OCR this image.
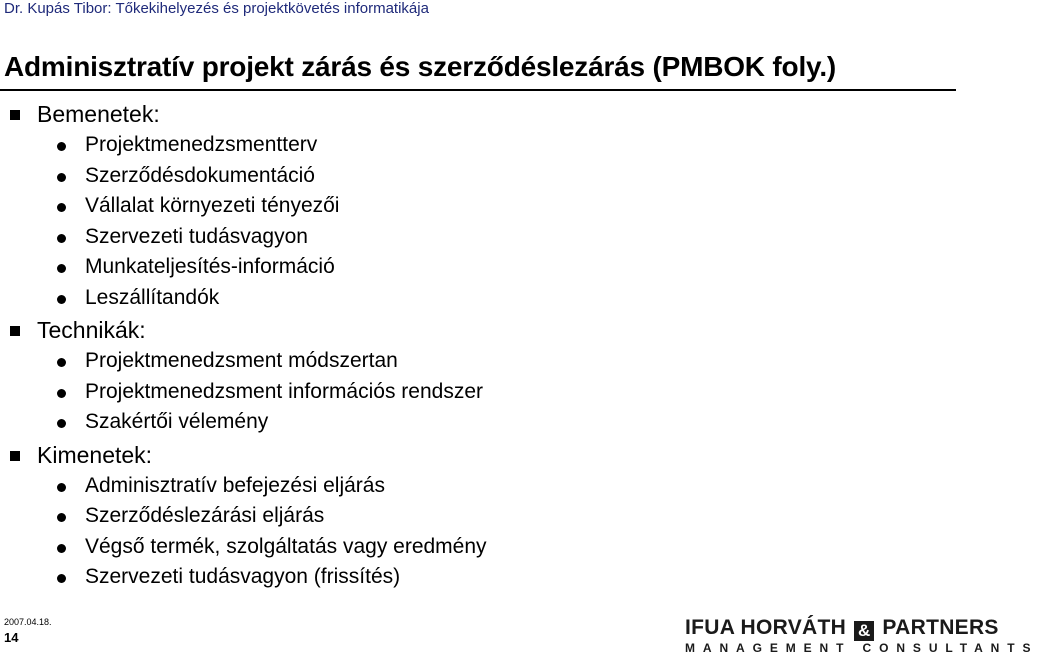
Dr. Kupás Tibor: Tőkekihelyezés és projektkövetés informatikája
Adminisztratív projekt zárás és szerződéslezárás (PMBOK foly.)
Bemenetek:
Projektmenedzsmentterv
Szerződésdokumentáció
Vállalat környezeti tényezői
Szervezeti tudásvagyon
Munkateljesítés-információ
Leszállítandók
Technikák:
Projektmenedzsment módszertan
Projektmenedzsment információs rendszer
Szakértői vélemény
Kimenetek:
Adminisztratív befejezési eljárás
Szerződéslezárási eljárás
Végső termék, szolgáltatás vagy eredmény
Szervezeti tudásvagyon (frissítés)
2007.04.18.
14	IFUA HORVÁTH & PARTNERS
MANAGEMENT CONSULTANTS
